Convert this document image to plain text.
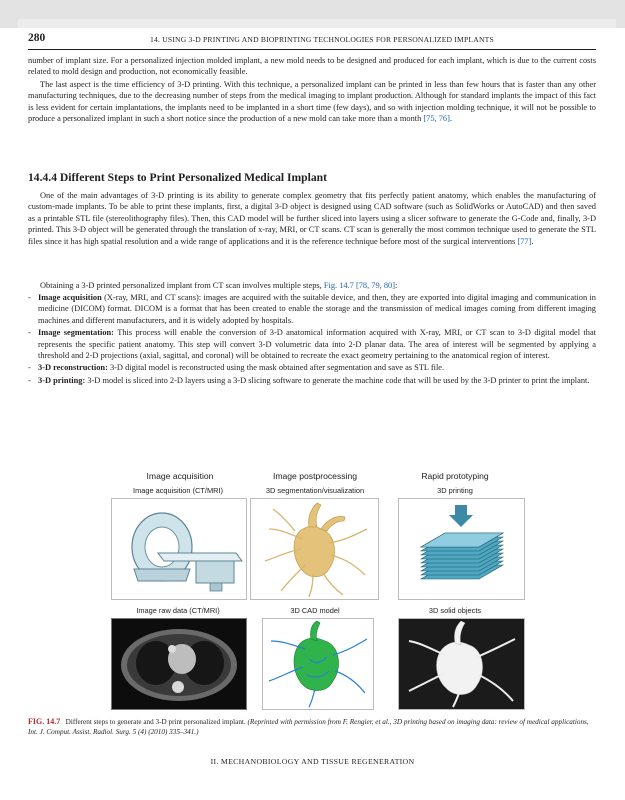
280	14. USING 3-D PRINTING AND BIOPRINTING TECHNOLOGIES FOR PERSONALIZED IMPLANTS

number of implant size. For a personalized injection molded implant, a new mold needs to be designed and produced for each implant, which is due to the current costs related to mold design and production, not economically feasible.

The last aspect is the time efficiency of 3-D printing. With this technique, a personalized implant can be printed in less than few hours that is faster than any other manufacturing techniques, due to the decreasing number of steps from the medical imaging to implant production. Although for standard implants the impact of this fact is less evident for certain implantations, the implants need to be implanted in a short time (few days), and so with injection molding technique, it will not be possible to produce a personalized implant in such a short notice since the production of a new mold can take more than a month [75, 76].

14.4.4 Different Steps to Print Personalized Medical Implant

One of the main advantages of 3-D printing is its ability to generate complex geometry that fits perfectly patient anatomy, which enables the manufacturing of custom-made implants. To be able to print these implants, first, a digital 3-D object is designed using CAD software (such as SolidWorks or AutoCAD) and then saved as a printable STL file (stereolithography files). Then, this CAD model will be further sliced into layers using a slicer software to generate the G-Code and, finally, 3-D printed. This 3-D object will be generated through the translation of x-ray, MRI, or CT scans. CT scan is generally the most common technique used to generate the STL files since it has high spatial resolution and a wide range of applications and it is the reference technique before most of the surgical interventions [77].

Obtaining a 3-D printed personalized implant from CT scan involves multiple steps, Fig. 14.7 [78, 79, 80]:

- Image acquisition (X-ray, MRI, and CT scans): images are acquired with the suitable device, and then, they are exported into digital imaging and communication in medicine (DICOM) format. DICOM is a format that has been created to enable the storage and the transmission of medical images coming from different imaging machines and different manufacturers, and it is widely adopted by hospitals.
- Image segmentation: This process will enable the conversion of 3-D anatomical information acquired with X-ray, MRI, or CT scan to 3-D digital model that represents the specific patient anatomy. This step will convert 3-D volumetric data into 2-D planar data. The area of interest will be segmented by applying a threshold and 2-D projections (axial, sagittal, and coronal) will be obtained to recreate the exact geometry pertaining to the anatomical region of interest.
- 3-D reconstruction: 3-D digital model is reconstructed using the mask obtained after segmentation and save as STL file.
- 3-D printing: 3-D model is sliced into 2-D layers using a 3-D slicing software to generate the machine code that will be used by the 3-D printer to print the implant.
Image acquisition	Image postprocessing	Rapid prototyping
Image acquisition (CT/MRI)	3D segmentation/visualization	3D printing
Image raw data (CT/MRI)	3D CAD model	3D solid objects

FIG. 14.7 Different steps to generate and 3-D print personalized implant. (Reprinted with permission from F. Rengier, et al., 3D printing based on imaging data: review of medical applications, Int. J. Comput. Assist. Radiol. Surg. 5 (4) (2010) 335–341.)

II. MECHANOBIOLOGY AND TISSUE REGENERATION
